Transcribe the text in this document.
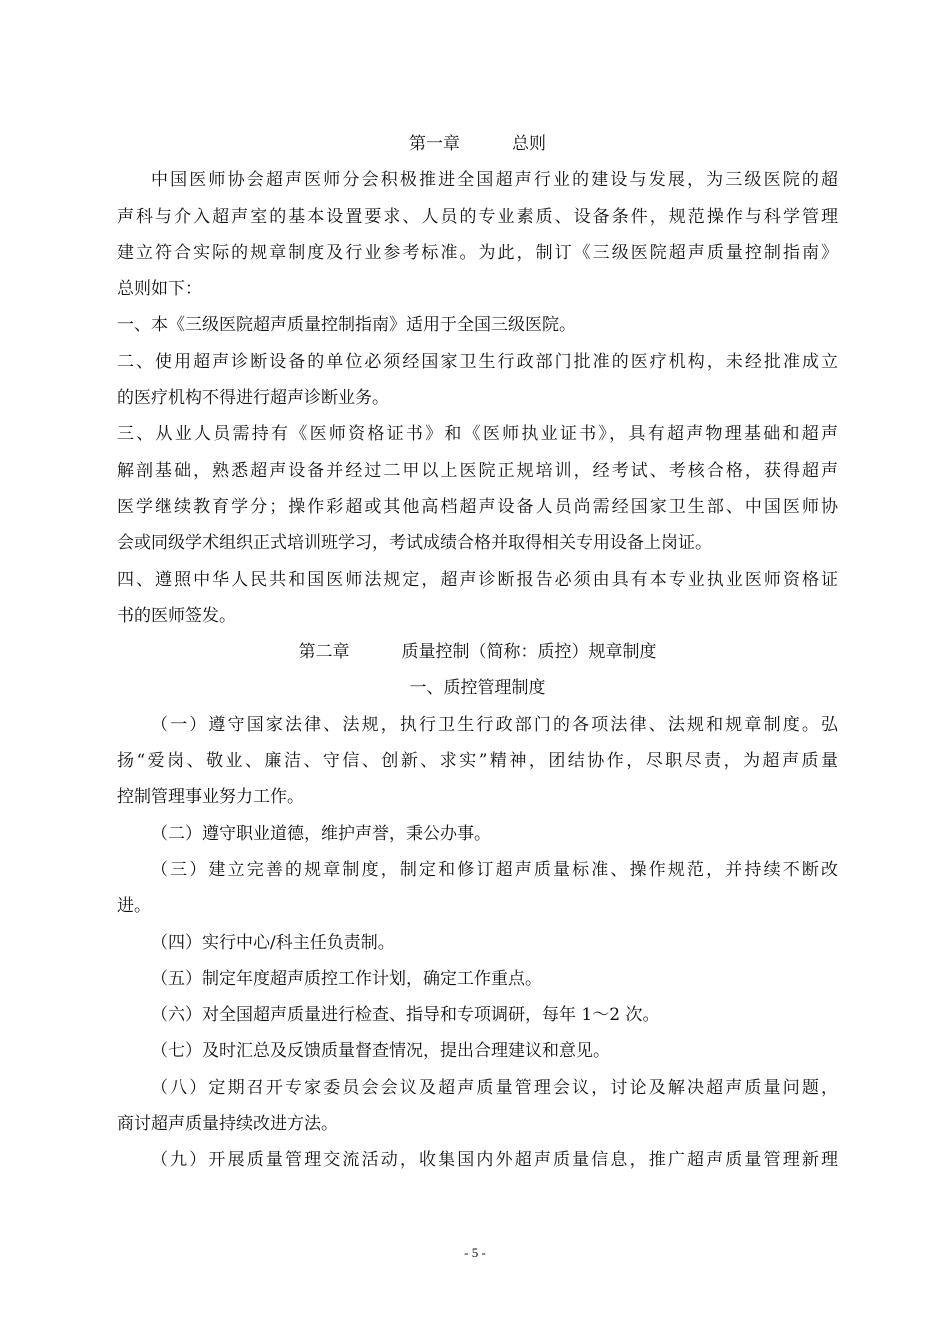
第一章	总则

中国医师协会超声医师分会积极推进全国超声行业的建设与发展，为三级医院的超

声科与介入超声室的基本设置要求、人员的专业素质、设备条件，规范操作与科学管理

建立符合实际的规章制度及行业参考标准。为此，制订《三级医院超声质量控制指南》

总则如下：

一、本《三级医院超声质量控制指南》适用于全国三级医院。

二、使用超声诊断设备的单位必须经国家卫生行政部门批准的医疗机构，未经批准成立

的医疗机构不得进行超声诊断业务。

三、从业人员需持有《医师资格证书》和《医师执业证书》，具有超声物理基础和超声

解剖基础，熟悉超声设备并经过二甲以上医院正规培训，经考试、考核合格，获得超声

医学继续教育学分；操作彩超或其他高档超声设备人员尚需经国家卫生部、中国医师协

会或同级学术组织正式培训班学习，考试成绩合格并取得相关专用设备上岗证。

四、遵照中华人民共和国医师法规定，超声诊断报告必须由具有本专业执业医师资格证

书的医师签发。

第二章	质量控制（简称：质控）规章制度

一、质控管理制度

（一）遵守国家法律、法规，执行卫生行政部门的各项法律、法规和规章制度。弘

扬“爱岗、敬业、廉洁、守信、创新、求实”精神，团结协作，尽职尽责，为超声质量

控制管理事业努力工作。

（二）遵守职业道德，维护声誉，秉公办事。

（三）建立完善的规章制度，制定和修订超声质量标准、操作规范，并持续不断改

进。

（四）实行中心/科主任负责制。

（五）制定年度超声质控工作计划，确定工作重点。

（六）对全国超声质量进行检查、指导和专项调研，每年 1～2 次。

（七）及时汇总及反馈质量督查情况，提出合理建议和意见。

（八）定期召开专家委员会会议及超声质量管理会议，讨论及解决超声质量问题，

商讨超声质量持续改进方法。

（九）开展质量管理交流活动，收集国内外超声质量信息，推广超声质量管理新理

- 5 -
